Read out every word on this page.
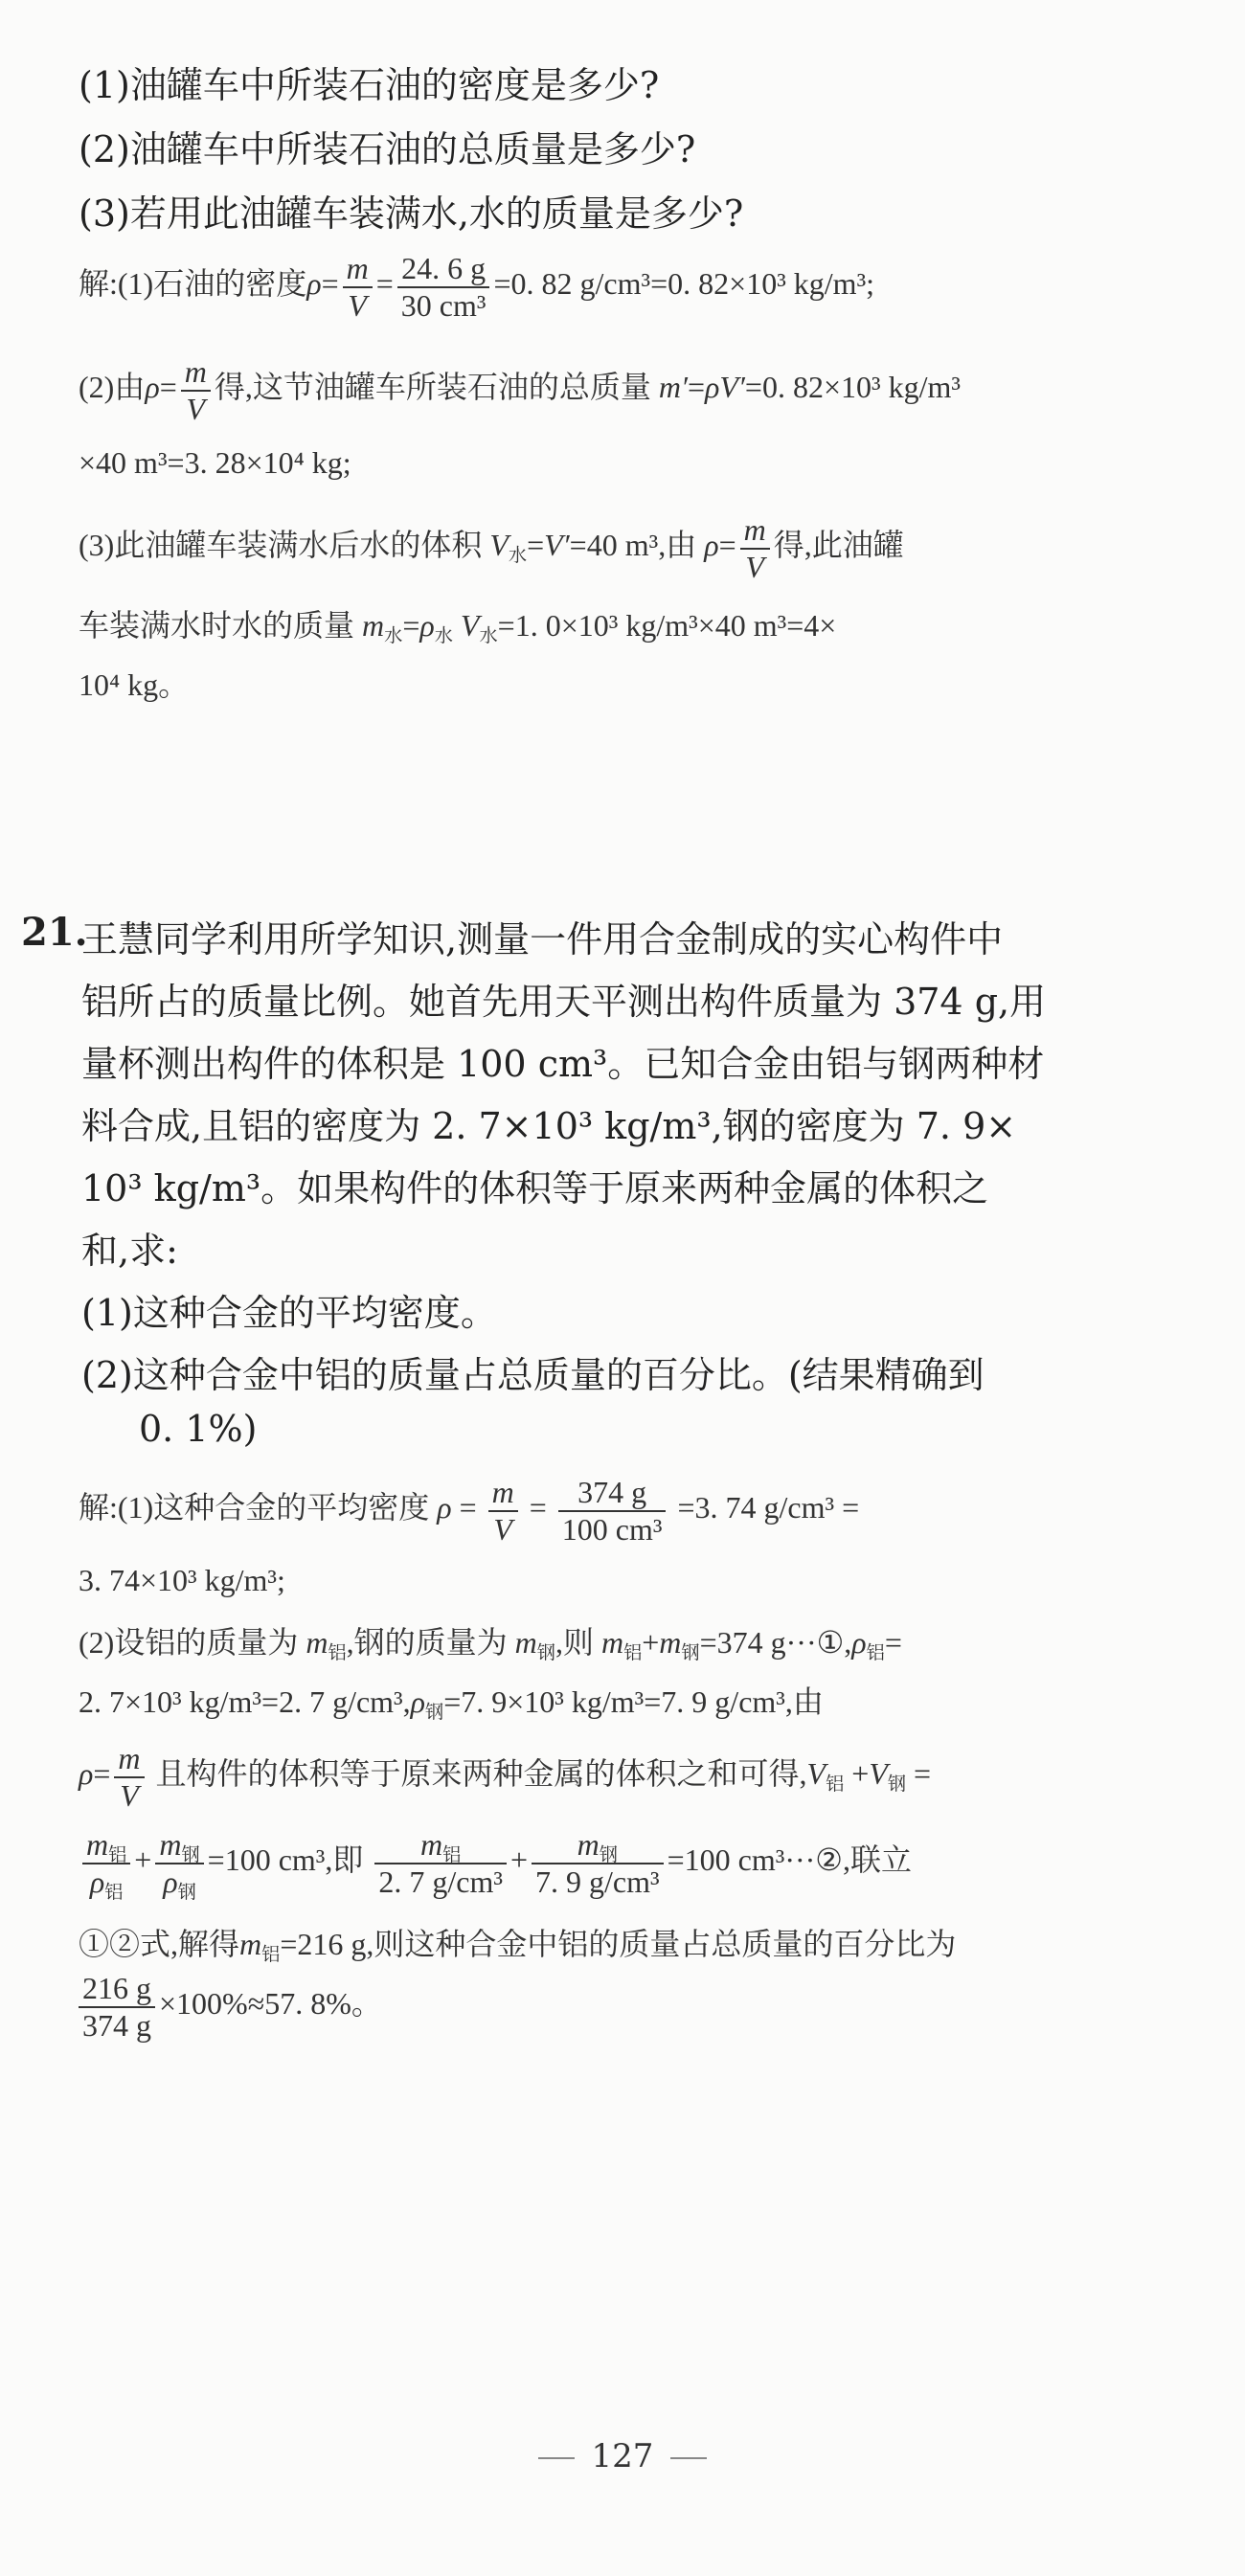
(1)油罐车中所装石油的密度是多少?
(2)油罐车中所装石油的总质量是多少?
(3)若用此油罐车装满水,水的质量是多少?
解:(1)石油的密度$\rho= \frac{m}{V} = \frac{24. 6 g}{\text{30 cm³}} =0$. 82 g/cm³=0. 82×10³ kg/m³;
(2)由$\rho= \frac{m}{V}$ 得,这节油罐车所装石油的总质量 m′=ρV′=0. 82×10³ kg/m³
×40 m³=3. 28×10⁴ kg;
(3)此油罐车装满水后水的体积 $V_水=V'=40$ m³,由 $\rho= \frac{m}{V}$ 得,此油罐
车装满水时水的质量 $m_水=\rho_水$ $V_水=1$. 0×10³ kg/m³×40 m³=4×
10⁴ kg。
21.
王慧同学利用所学知识,测量一件用合金制成的实心构件中
铝所占的质量比例。她首先用天平测出构件质量为 374 g,用
量杯测出构件的体积是 100 cm³。已知合金由铝与钢两种材
料合成,且铝的密度为 2. 7×10³ kg/m³,钢的密度为 7. 9×
10³ kg/m³。如果构件的体积等于原来两种金属的体积之
和,求:
(1)这种合金的平均密度。
(2)这种合金中铝的质量占总质量的百分比。(结果精确到
0. 1%)
解:(1)这种合金的平均密度 $\rho = \frac{m}{V} = \frac{374 g}{\text{100 cm³}} =3$. 74 g/cm³ =
3. 74×10³ kg/m³;
(2)设铝的质量为 $m_铝$,钢的质量为 $m_钢$,则 $m_铝+m_钢=374$ $g\cdot\cdot\cdot ①,\rho_铝=$
2. 7×10³ kg/m³=2. 7 $g/cm^3,\rho_钢=7$. 9×10³ kg/m³=7. 9 g/cm³,由
$\rho= \frac{m}{V}$ 且构件的体积等于原来两种金属的体积之和可得$,V_铝 +V_钢$ =
$\frac{m_铝}{\rho_铝} + \frac{m_钢}{\rho_钢} =100$ cm³,即 $\frac{m_铝}{\text{2. 7 g/cm³}} + \frac{m_钢}{\text{7. 9 g/cm³}} =100$ cm³···②,联立
①②式,解得$m_铝=216$ g,则这种合金中铝的质量占总质量的百分比为
$\frac{216 g}{374 g} \times 100\%\approx 57$. 8%。
127
